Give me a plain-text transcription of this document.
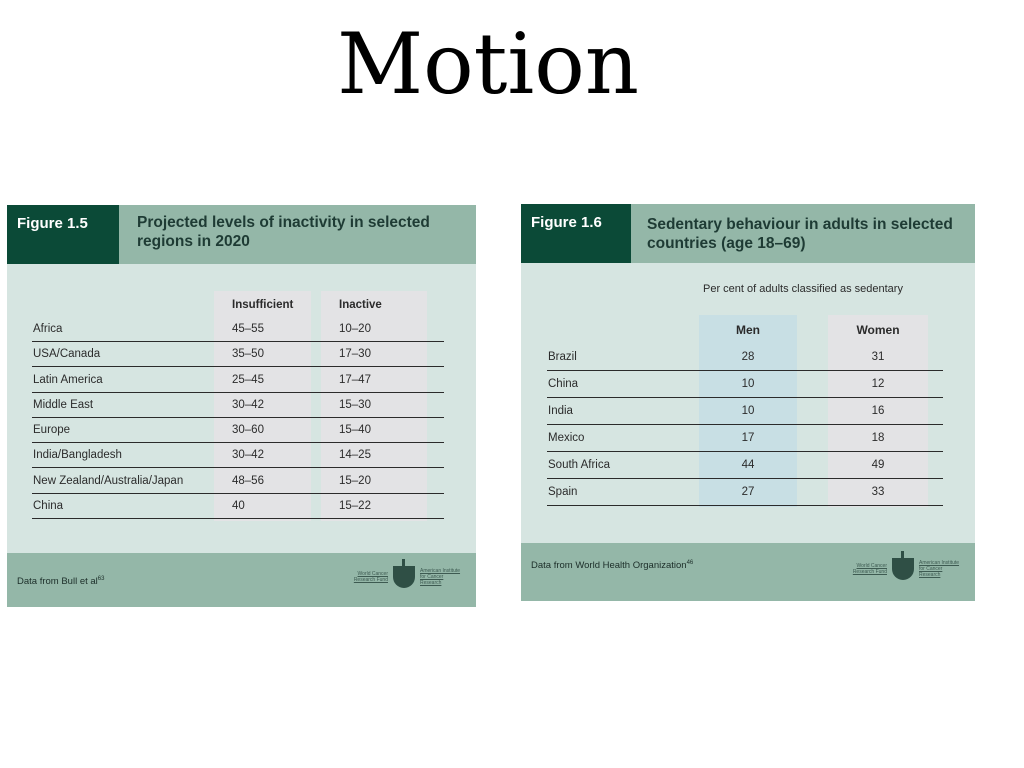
Motion
Figure 1.5	Projected levels of inactivity in selected regions in 2020
Insufficient	Inactive
Africa	45–55	10–20
USA/Canada	35–50	17–30
Latin America	25–45	17–47
Middle East	30–42	15–30
Europe	30–60	15–40
India/Bangladesh	30–42	14–25
New Zealand/Australia/Japan	48–56	15–20
China	40	15–22
Data from Bull et $al^{63}$
World Cancer Research Fund
American Institute for Cancer Research
Figure 1.6	Sedentary behaviour in adults in selected countries (age 18–69)
Per cent of adults classified as sedentary
Men	Women
Brazil	28	31
China	10	12
India	10	16
Mexico	17	18
South Africa	44	49
Spain	27	33
Data from World Health Organization$^{46}$	World Cancer Research Fund
American Institute for Cancer Research
